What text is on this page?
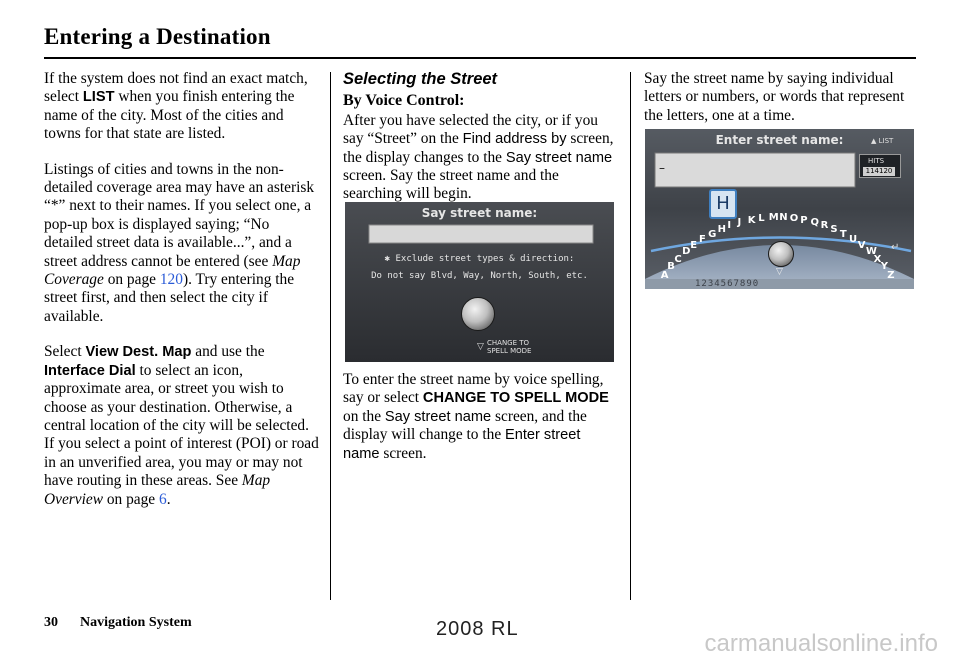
Entering a Destination

If the system does not find an exact match, select LIST when you finish entering the name of the city. Most of the cities and towns for that state are listed.

Listings of cities and towns in the non-detailed coverage area may have an asterisk “*” next to their names. If you select one, a pop-up box is displayed saying; “No detailed street data is available...”, and a street address cannot be entered (see Map Coverage on page 120). Try entering the street first, and then select the city if available.

Select View Dest. Map and use the Interface Dial to select an icon, approximate area, or street you wish to choose as your destination. Otherwise, a central location of the city will be selected. If you select a point of interest (POI) or road in an unverified area, you may or may not have routing in these areas. See Map Overview on page 6.

Selecting the Street
By Voice Control:

After you have selected the city, or if you say “Street” on the Find address by screen, the display changes to the Say street name screen. Say the street name and the searching will begin.

To enter the street name by voice spelling, say or select CHANGE TO SPELL MODE on the Say street name screen, and the display will change to the Enter street name screen.

Say street name:
✱ Exclude street types & direction:
Do not say Blvd, Way, North, South, etc.
▽ CHANGE TO
SPELL MODE

Say the street name by saying individual letters or numbers, or words that represent the letters, one at a time.

Enter street name:	▲ LIST
HITS
114120
–
H
A
B
C
D
E
F G H I J K L M N O P Q R S T U
V
W
X
Y
Z
↵
▽
1234567890
30 Navigation System	2008 RL
carmanualsonline.info
